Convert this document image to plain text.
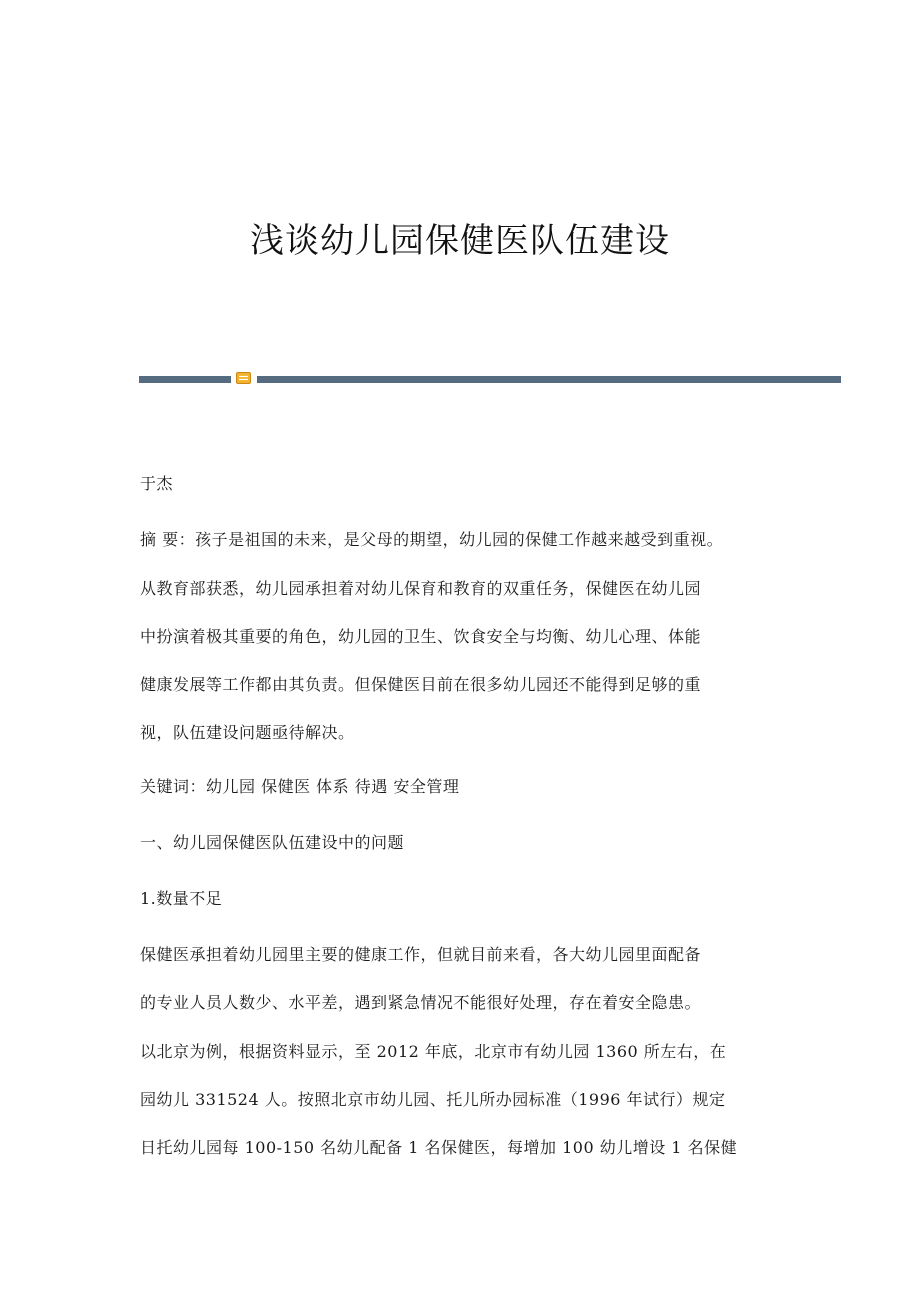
浅谈幼儿园保健医队伍建设
于杰
摘 要：孩子是祖国的未来，是父母的期望，幼儿园的保健工作越来越受到重视。
从教育部获悉，幼儿园承担着对幼儿保育和教育的双重任务，保健医在幼儿园
中扮演着极其重要的角色，幼儿园的卫生、饮食安全与均衡、幼儿心理、体能
健康发展等工作都由其负责。但保健医目前在很多幼儿园还不能得到足够的重
视，队伍建设问题亟待解决。
关键词：幼儿园 保健医 体系 待遇 安全管理
一、幼儿园保健医队伍建设中的问题
1.数量不足
保健医承担着幼儿园里主要的健康工作，但就目前来看，各大幼儿园里面配备
的专业人员人数少、水平差，遇到紧急情况不能很好处理，存在着安全隐患。
以北京为例，根据资料显示，至 2012 年底，北京市有幼儿园 1360 所左右，在
园幼儿 331524 人。按照北京市幼儿园、托儿所办园标准（1996 年试行）规定
日托幼儿园每 100-150 名幼儿配备 1 名保健医，每增加 100 幼儿增设 1 名保健
